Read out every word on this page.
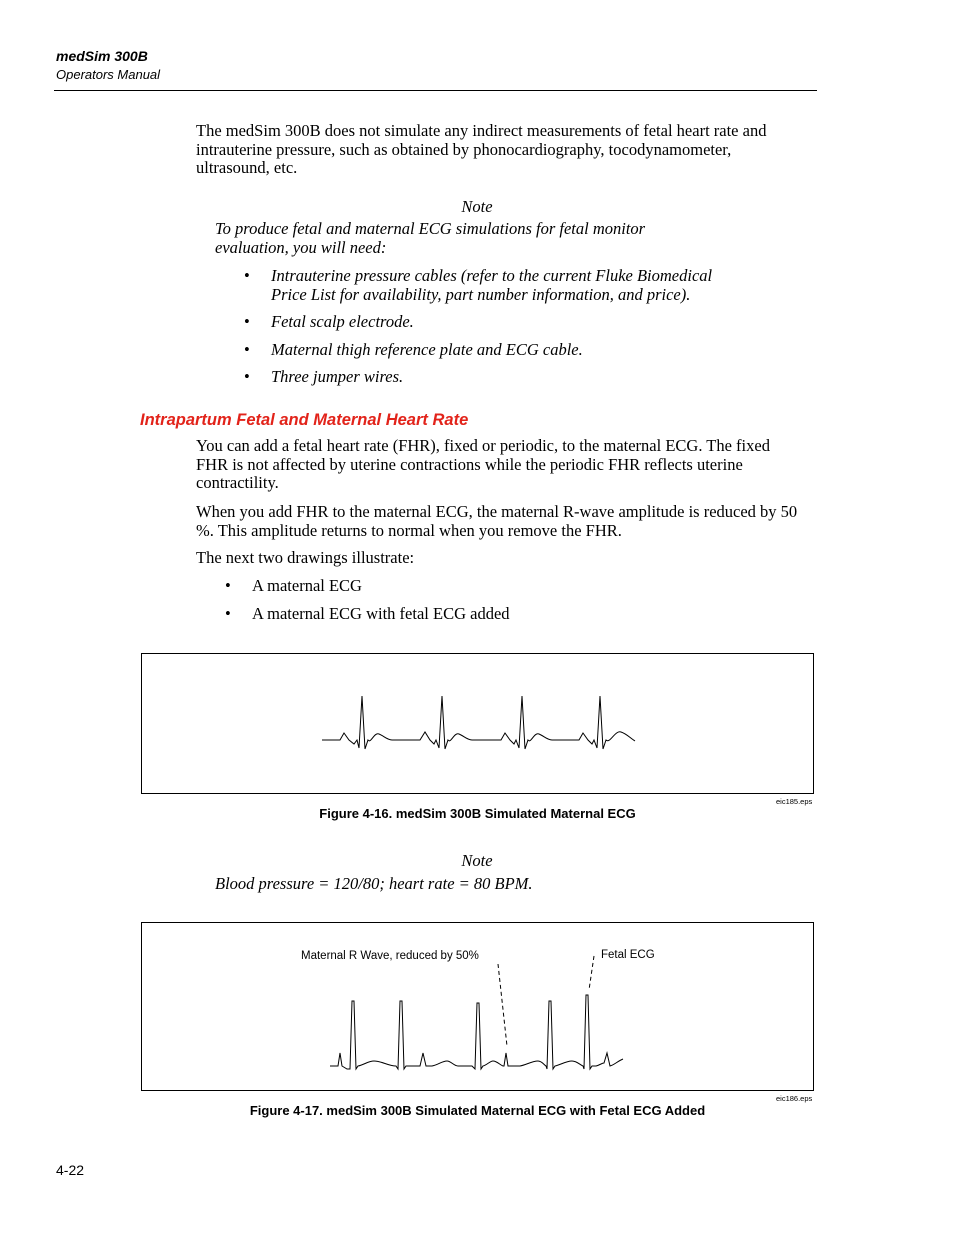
medSim 300B
Operators Manual
The medSim 300B does not simulate any indirect measurements of fetal heart rate and intrauterine pressure, such as obtained by phonocardiography, tocodynamometer, ultrasound, etc.
Note
To produce fetal and maternal ECG simulations for fetal monitor evaluation, you will need:
• Intrauterine pressure cables (refer to the current Fluke Biomedical Price List for availability, part number information, and price).
• Fetal scalp electrode.
• Maternal thigh reference plate and ECG cable.
• Three jumper wires.
Intrapartum Fetal and Maternal Heart Rate
You can add a fetal heart rate (FHR), fixed or periodic, to the maternal ECG. The fixed FHR is not affected by uterine contractions while the periodic FHR reflects uterine contractility.
When you add FHR to the maternal ECG, the maternal R-wave amplitude is reduced by 50 %. This amplitude returns to normal when you remove the FHR.
The next two drawings illustrate:
• A maternal ECG
• A maternal ECG with fetal ECG added
eic185.eps
Figure 4-16. medSim 300B Simulated Maternal ECG
Note
Blood pressure = 120/80; heart rate = 80 BPM.
Maternal R Wave, reduced by 50%	Fetal ECG
eic186.eps
Figure 4-17. medSim 300B Simulated Maternal ECG with Fetal ECG Added
4-22
